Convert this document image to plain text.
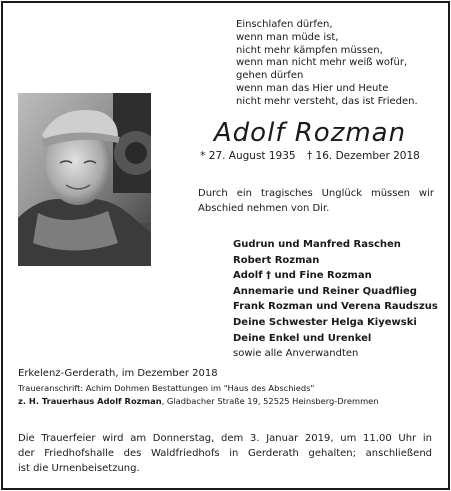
Einschlafen dürfen,
wenn man müde ist,
nicht mehr kämpfen müssen,
wenn man nicht mehr weiß wofür,
gehen dürfen
wenn man das Hier und Heute
nicht mehr versteht, das ist Frieden.
Adolf Rozman
* 27. August 1935 † 16. Dezember 2018
Durch ein tragisches Unglück müssen wir
Abschied nehmen von Dir.
Gudrun und Manfred Raschen
Robert Rozman
Adolf † und Fine Rozman
Annemarie und Reiner Quadflieg
Frank Rozman und Verena Raudszus
Deine Schwester Helga Kiyewski
Deine Enkel und Urenkel
sowie alle Anverwandten
Erkelenz-Gerderath, im Dezember 2018
Traueranschrift: Achim Dohmen Bestattungen im "Haus des Abschieds"
z. H. Trauerhaus Adolf Rozman, Gladbacher Straße 19, 52525 Heinsberg-Dremmen
Die Trauerfeier wird am Donnerstag, dem 3. Januar 2019, um 11.00 Uhr in
der Friedhofshalle des Waldfriedhofs in Gerderath gehalten; anschließend
ist die Urnenbeisetzung.
